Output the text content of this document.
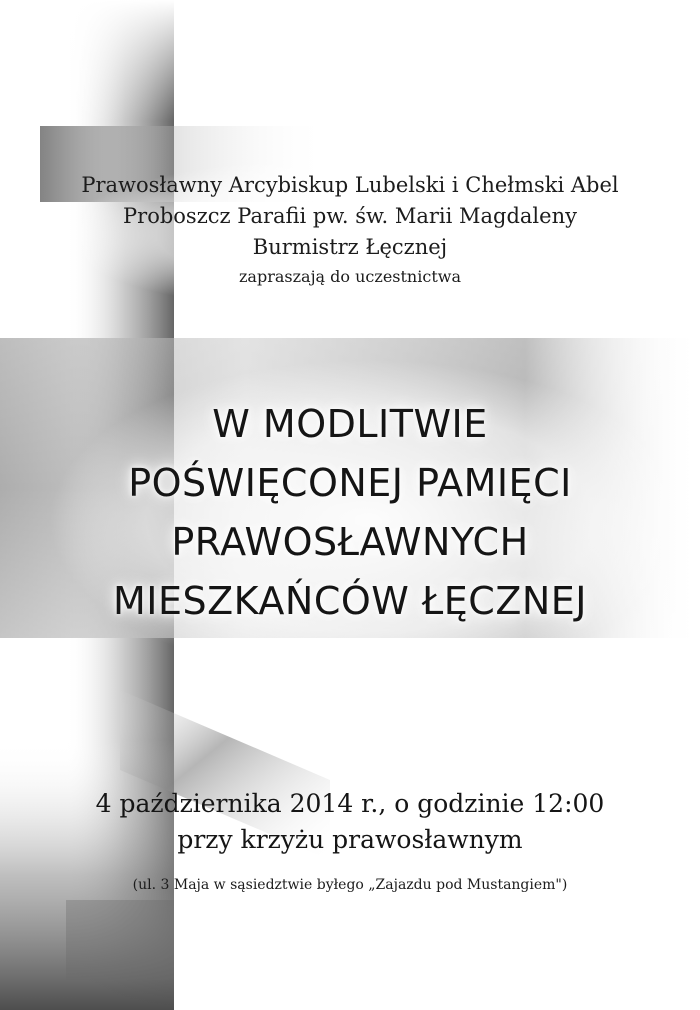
Prawosławny Arcybiskup Lubelski i Chełmski Abel
Proboszcz Parafii pw. św. Marii Magdaleny
Burmistrz Łęcznej
zapraszają do uczestnictwa
W MODLITWIE
POŚWIĘCONEJ PAMIĘCI
PRAWOSŁAWNYCH
MIESZKAŃCÓW ŁĘCZNEJ
4 października 2014 r., o godzinie 12:00
przy krzyżu prawosławnym
(ul. 3 Maja w sąsiedztwie byłego „Zajazdu pod Mustangiem")
